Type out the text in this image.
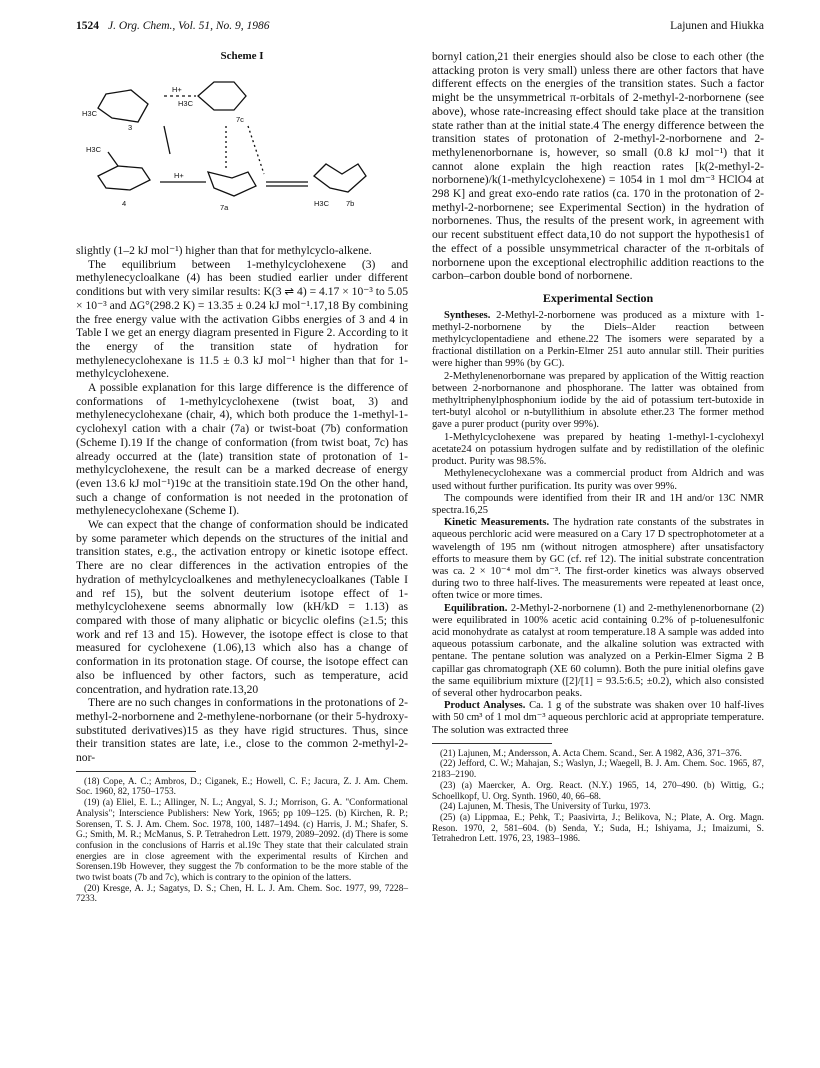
1524 J. Org. Chem., Vol. 51, No. 9, 1986	Lajunen and Hiukka
Scheme I
H3C
3
H+
7c
H3C
H3C
H+
4	7a	H3C 7b

slightly (1–2 kJ mol⁻¹) higher than that for methylcyclo-alkene.

The equilibrium between 1-methylcyclohexene (3) and methylenecycloalkane (4) has been studied earlier under different conditions but with very similar results: K(3 ⇌ 4) = 4.17 × 10⁻³ to 5.05 × 10⁻³ and ΔG°(298.2 K) = 13.35 ± 0.24 kJ mol⁻¹.17,18 By combining the free energy value with the activation Gibbs energies of 3 and 4 in Table I we get an energy diagram presented in Figure 2. According to it the energy of the transition state of hydration for methylenecyclohexane is 11.5 ± 0.3 kJ mol⁻¹ higher than that for 1-methylcyclohexene.

A possible explanation for this large difference is the difference of conformations of 1-methylcyclohexene (twist boat, 3) and methylenecyclohexane (chair, 4), which both produce the 1-methyl-1-cyclohexyl cation with a chair (7a) or twist-boat (7b) conformation (Scheme I).19 If the change of conformation (from twist boat, 7c) has already occurred at the (late) transition state of protonation of 1-methylcyclohexene, the result can be a marked decrease of energy (even 13.6 kJ mol⁻¹)19c at the transitioin state.19d On the other hand, such a change of conformation is not needed in the protonation of methylenecyclohexane (Scheme I).

We can expect that the change of conformation should be indicated by some parameter which depends on the structures of the initial and transition states, e.g., the activation entropy or kinetic isotope effect. There are no clear differences in the activation entropies of the hydration of methylcycloalkenes and methylenecycloalkanes (Table I and ref 15), but the solvent deuterium isotope effect of 1-methylcyclohexene seems abnormally low (kH/kD = 1.13) as compared with those of many aliphatic or bicyclic olefins (≥1.5; this work and ref 13 and 15). However, the isotope effect is close to that measured for cyclohexene (1.06),13 which also has a change of conformation in its protonation stage. Of course, the isotope effect can also be influenced by other factors, such as temperature, acid concentration, and hydration rate.13,20

There are no such changes in conformations in the protonations of 2-methyl-2-norbornene and 2-methylene-norbornane (or their 5-hydroxy-substituted derivatives)15 as they have rigid structures. Thus, since their transition states are late, i.e., close to the common 2-methyl-2-nor-

(18) Cope, A. C.; Ambros, D.; Ciganek, E.; Howell, C. F.; Jacura, Z. J. Am. Chem. Soc. 1960, 82, 1750–1753.

(19) (a) Eliel, E. L.; Allinger, N. L.; Angyal, S. J.; Morrison, G. A. "Conformational Analysis"; Interscience Publishers: New York, 1965; pp 109–125. (b) Kirchen, R. P.; Sorensen, T. S. J. Am. Chem. Soc. 1978, 100, 1487–1494. (c) Harris, J. M.; Shafer, S. G.; Smith, M. R.; McManus, S. P. Tetrahedron Lett. 1979, 2089–2092. (d) There is some confusion in the conclusions of Harris et al.19c They state that their calculated strain energies are in close agreement with the experimental results of Kirchen and Sorensen.19b However, they suggest the 7b conformation to be the more stable of the two twist boats (7b and 7c), which is contrary to the opinion of the latters.

(20) Kresge, A. J.; Sagatys, D. S.; Chen, H. L. J. Am. Chem. Soc. 1977, 99, 7228–7233.

bornyl cation,21 their energies should also be close to each other (the attacking proton is very small) unless there are other factors that have different effects on the energies of the transition states. Such a factor might be the unsymmetrical π-orbitals of 2-methyl-2-norbornene (see above), whose rate-increasing effect should take place at the transition state rather than at the initial state.4 The energy difference between the transition states of protonation of 2-methyl-2-norbornene and 2-methylenenorbornane is, however, so small (0.8 kJ mol⁻¹) that it cannot alone explain the high reaction rates [k(2-methyl-2-norbornene)/k(1-methylcyclohexene) = 1054 in 1 mol dm⁻³ HClO4 at 298 K] and great exo-endo rate ratios (ca. 170 in the protonation of 2-methyl-2-norbornene; see Experimental Section) in the hydration of norbornenes. Thus, the results of the present work, in agreement with our recent substituent effect data,10 do not support the hypothesis1 of the effect of a possible unsymmetrical character of the π-orbitals of norbornene upon the exceptional electrophilic addition reactions to the carbon–carbon double bond of norbornene.

Experimental Section

Syntheses. 2-Methyl-2-norbornene was produced as a mixture with 1-methyl-2-norbornene by the Diels–Alder reaction between methylcyclopentadiene and ethene.22 The isomers were separated by a fractional distillation on a Perkin-Elmer 251 auto annular still. Their purities were higher than 99% (by GC).

2-Methylenenorbornane was prepared by application of the Wittig reaction between 2-norbornanone and phosphorane. The latter was obtained from methyltriphenylphosphonium iodide by the aid of potassium tert-butoxide in tert-butyl alcohol or n-butyllithium in absolute ether.23 The former method gave a purer product (purity over 99%).

1-Methylcyclohexene was prepared by heating 1-methyl-1-cyclohexyl acetate24 on potassium hydrogen sulfate and by redistillation of the olefinic product. Purity was 98.5%.

Methylenecyclohexane was a commercial product from Aldrich and was used without further purification. Its purity was over 99%.

The compounds were identified from their IR and 1H and/or 13C NMR spectra.16,25

Kinetic Measurements. The hydration rate constants of the substrates in aqueous perchloric acid were measured on a Cary 17 D spectrophotometer at a wavelength of 195 nm (without nitrogen atmosphere) after unsatisfactory efforts to measure them by GC (cf. ref 12). The initial substrate concentration was ca. 2 × 10⁻⁴ mol dm⁻³. The first-order kinetics was always observed during two to three half-lives. The measurements were repeated at least once, often twice or more times.

Equilibration. 2-Methyl-2-norbornene (1) and 2-methylenenorbornane (2) were equilibrated in 100% acetic acid containing 0.2% of p-toluenesulfonic acid monohydrate as catalyst at room temperature.18 A sample was added into aqueous potassium carbonate, and the alkaline solution was extracted with pentane. The pentane solution was analyzed on a Perkin-Elmer Sigma 2 B capillar gas chromatograph (XE 60 column). Both the pure initial olefins gave the same equilibrium mixture ([2]/[1] = 93.5:6.5; ±0.2), which also consisted of several other hydrocarbon peaks.

Product Analyses. Ca. 1 g of the substrate was shaken over 10 half-lives with 50 cm³ of 1 mol dm⁻³ aqueous perchloric acid at appropriate temperature. The solution was extracted three

(21) Lajunen, M.; Andersson, A. Acta Chem. Scand., Ser. A 1982, A36, 371–376.

(22) Jefford, C. W.; Mahajan, S.; Waslyn, J.; Waegell, B. J. Am. Chem. Soc. 1965, 87, 2183–2190.

(23) (a) Maercker, A. Org. React. (N.Y.) 1965, 14, 270–490. (b) Wittig, G.; Schoellkopf, U. Org. Synth. 1960, 40, 66–68.

(24) Lajunen, M. Thesis, The University of Turku, 1973.

(25) (a) Lippmaa, E.; Pehk, T.; Paasivirta, J.; Belikova, N.; Plate, A. Org. Magn. Reson. 1970, 2, 581–604. (b) Senda, Y.; Suda, H.; Ishiyama, J.; Imaizumi, S. Tetrahedron Lett. 1976, 23, 1983–1986.
